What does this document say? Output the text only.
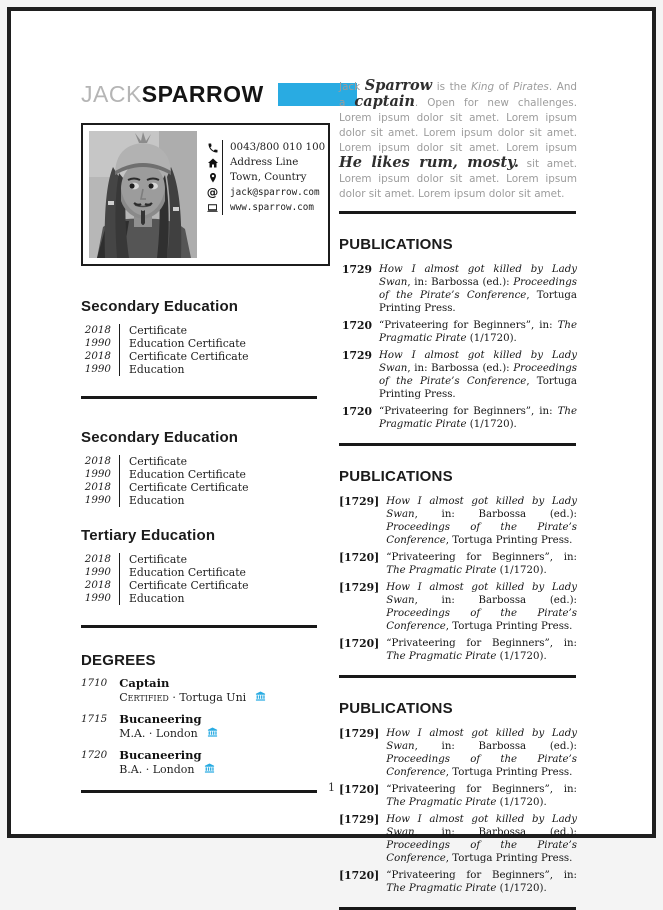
JACKSPARROW
0043/800 010 100
Address Line
Town, Country
@	jack@sparrow.com
www.sparrow.com
Secondary Education
2018	Certificate
1990	Education Certificate
2018	Certificate Certificate
1990	Education
Secondary Education
2018	Certificate
1990	Education Certificate
2018	Certificate Certificate
1990	Education
Tertiary Education
2018	Certificate
1990	Education Certificate
2018	Certificate Certificate
1990	Education
DEGREES
1710	Captain
Certified · Tortuga Uni
1715	Bucaneering
M.A. · London
1720	Bucaneering
B.A. · London

Jack Sparrow is the King of Pirates. And a captain. Open for new challenges. Lorem ipsum dolor sit amet. Lorem ipsum dolor sit amet. Lorem ipsum dolor sit amet. Lorem ipsum dolor sit amet. Lorem ipsum He likes rum, mosty. sit amet. Lorem ipsum dolor sit amet. Lorem ipsum dolor sit amet. Lorem ipsum dolor sit amet.

PUBLICATIONS
1729 How I almost got killed by Lady Swan, in: Barbossa (ed.): Proceedings of the Pirate’s Conference, Tortuga Printing Press.
1720 “Privateering for Beginners”, in: The Pragmatic Pirate (1/1720).
1729 How I almost got killed by Lady Swan, in: Barbossa (ed.): Proceedings of the Pirate’s Conference, Tortuga Printing Press.
1720 “Privateering for Beginners”, in: The Pragmatic Pirate (1/1720).
PUBLICATIONS
[1729] How I almost got killed by Lady Swan, in: Barbossa (ed.): Proceedings of the Pirate’s Conference, Tortuga Printing Press.
[1720] “Privateering for Beginners”, in: The Pragmatic Pirate (1/1720).
[1729] How I almost got killed by Lady Swan, in: Barbossa (ed.): Proceedings of the Pirate’s Conference, Tortuga Printing Press.
[1720] “Privateering for Beginners”, in: The Pragmatic Pirate (1/1720).
PUBLICATIONS
[1729] How I almost got killed by Lady Swan, in: Barbossa (ed.): Proceedings of the Pirate’s Conference, Tortuga Printing Press.
[1720] “Privateering for Beginners”, in: The Pragmatic Pirate (1/1720).
[1729] How I almost got killed by Lady Swan, in: Barbossa (ed.): Proceedings of the Pirate’s Conference, Tortuga Printing Press.
[1720] “Privateering for Beginners”, in: The Pragmatic Pirate (1/1720).
1
